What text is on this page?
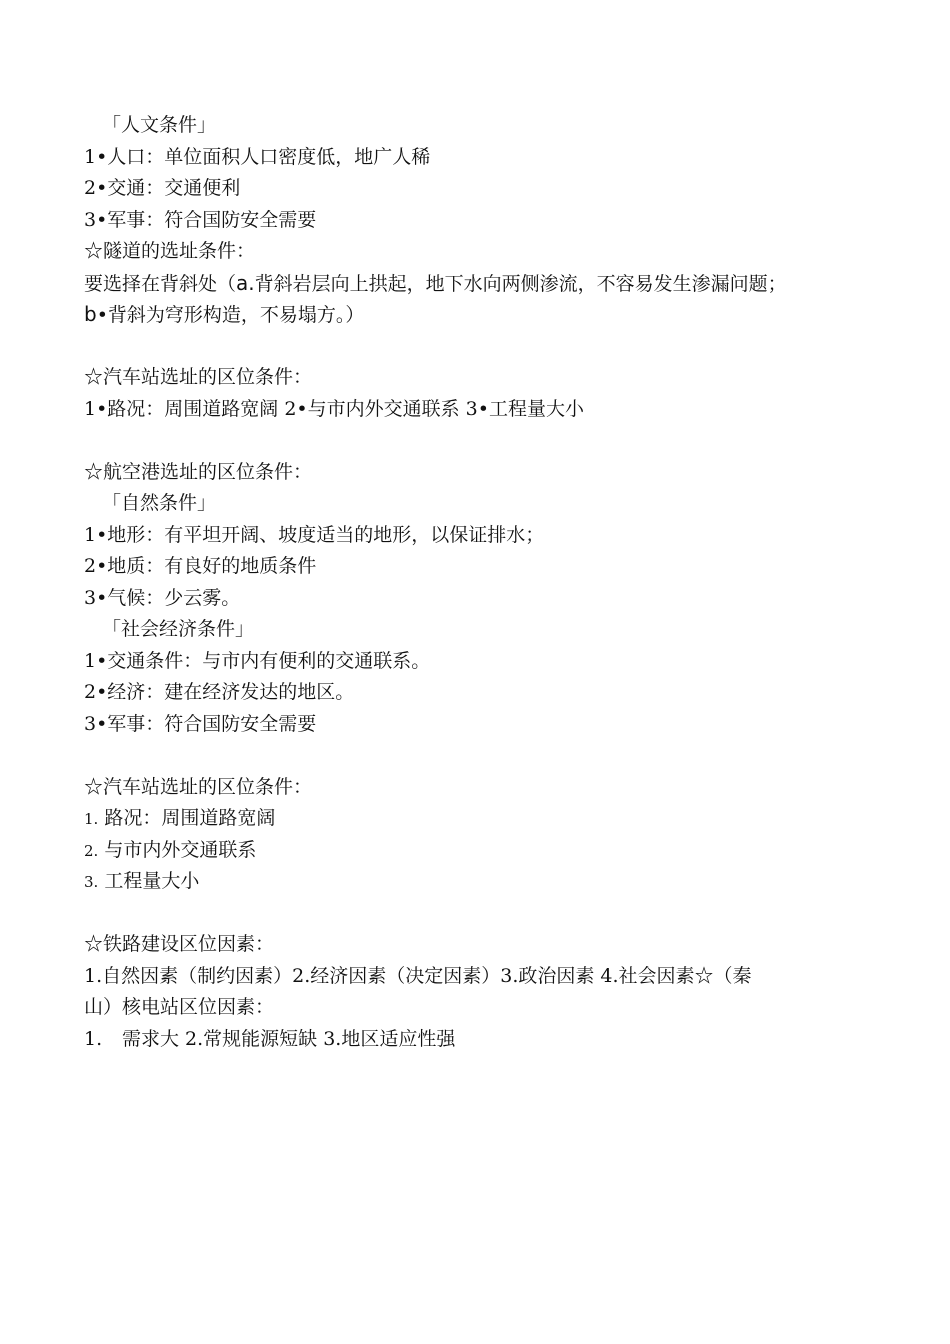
「人文条件」
1•人口：单位面积人口密度低，地广人稀
2•交通：交通便利
3•军事：符合国防安全需要
☆隧道的选址条件：
要选择在背斜处（a.背斜岩层向上拱起，地下水向两侧渗流，不容易发生渗漏问题；
b•背斜为穹形构造，不易塌方。）
☆汽车站选址的区位条件：
1•路况：周围道路宽阔 2•与市内外交通联系 3•工程量大小
☆航空港选址的区位条件：
「自然条件」
1•地形：有平坦开阔、坡度适当的地形，以保证排水；
2•地质：有良好的地质条件
3•气候：少云雾。
「社会经济条件」
1•交通条件：与市内有便利的交通联系。
2•经济：建在经济发达的地区。
3•军事：符合国防安全需要
☆汽车站选址的区位条件：
1. 路况：周围道路宽阔
2. 与市内外交通联系
3. 工程量大小
☆铁路建设区位因素：
1.自然因素（制约因素）2.经济因素（决定因素）3.政治因素 4.社会因素☆（秦
山）核电站区位因素：
1. 需求大 2.常规能源短缺 3.地区适应性强
